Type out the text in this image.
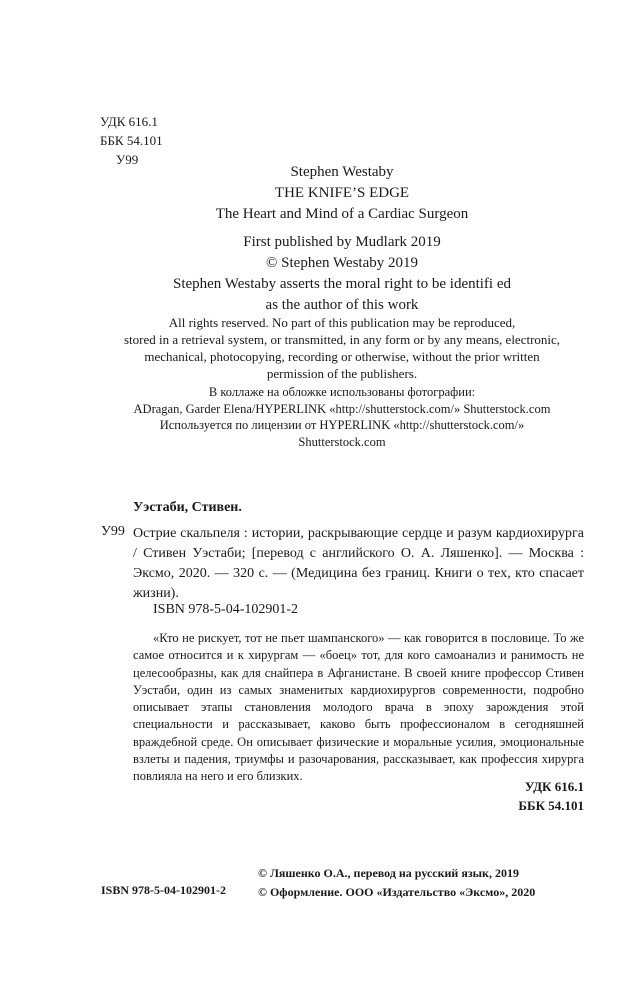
УДК 616.1
ББК 54.101
У99
Stephen Westaby
THE KNIFE’S EDGE
The Heart and Mind of a Cardiac Surgeon
First published by Mudlark 2019
© Stephen Westaby 2019
Stephen Westaby asserts the moral right to be identifi ed
as the author of this work
All rights reserved. No part of this publication may be reproduced,
stored in a retrieval system, or transmitted, in any form or by any means, electronic,
mechanical, photocopying, recording or otherwise, without the prior written
permission of the publishers.
В коллаже на обложке использованы фотографии:
ADragan, Garder Elena/HYPERLINK «http://shutterstock.com/» Shutterstock.com
Используется по лицензии от HYPERLINK «http://shutterstock.com/»
Shutterstock.com
Уэстаби, Стивен.
У99 Острие скальпеля : истории, раскрывающие сердце и разум кардиохирурга / Стивен Уэстаби; [перевод с английского О. А. Ляшенко]. — Москва : Эксмо, 2020. — 320 с. — (Медицина без границ. Книги о тех, кто спасает жизни).
ISBN 978-5-04-102901-2
«Кто не рискует, тот не пьет шампанского» — как говорится в пословице. То же самое относится и к хирургам — «боец» тот, для кого самоанализ и ранимость не целесообразны, как для снайпера в Афганистане. В своей книге профессор Стивен Уэстаби, один из самых знаменитых кардиохирургов современности, подробно описывает этапы становления молодого врача в эпоху зарождения этой специальности и рассказывает, каково быть профессионалом в сегодняшней враждебной среде. Он описывает физические и моральные усилия, эмоциональные взлеты и падения, триумфы и разочарования, рассказывает, как профессия хирурга повлияла на него и его близких.
УДК 616.1
ББК 54.101
ISBN 978-5-04-102901-2
© Ляшенко О.А., перевод на русский язык, 2019
© Оформление. ООО «Издательство «Эксмо», 2020
